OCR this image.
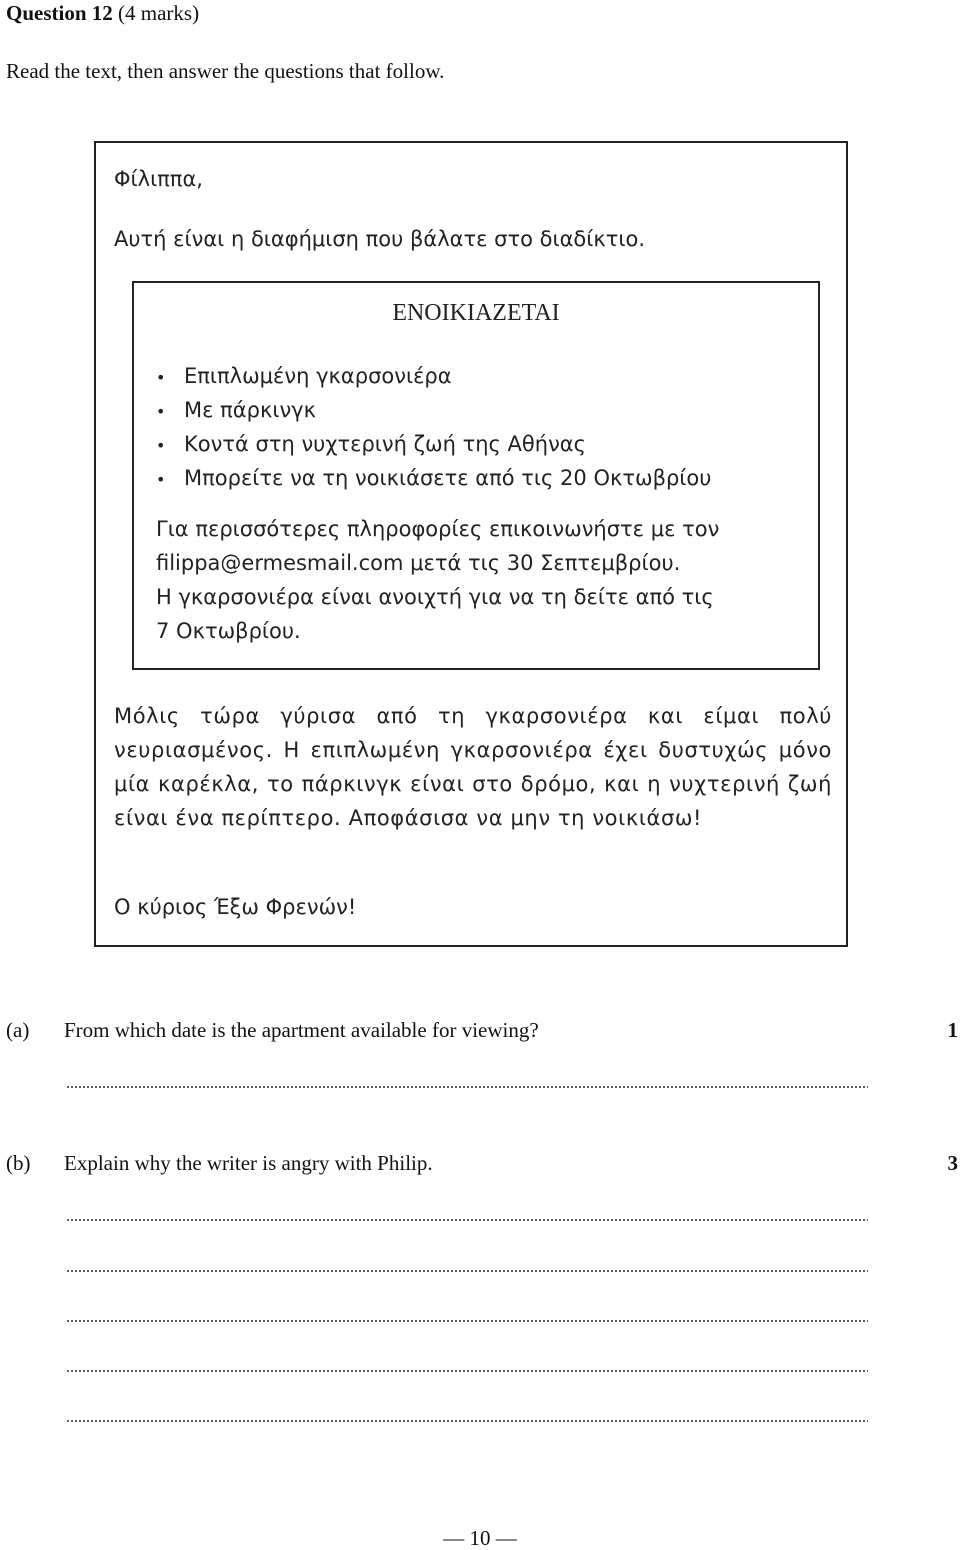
Question 12 (4 marks)
Read the text, then answer the questions that follow.
Φίλιππα,
Αυτή είναι η διαφήμιση που βάλατε στο διαδίκτιο.
ΕΝΟΙΚΙΑΖΕΤΑΙ
• Επιπλωμένη γκαρσονιέρα
• Με πάρκινγκ
• Κοντά στη νυχτερινή ζωή της Αθήνας
• Μπορείτε να τη νοικιάσετε από τις 20 Οκτωβρίου
Για περισσότερες πληροφορίες επικοινωνήστε με τον
filippa@ermesmail.com μετά τις 30 Σεπτεμβρίου.
Η γκαρσονιέρα είναι ανοιχτή για να τη δείτε από τις
7 Οκτωβρίου.
Μόλις τώρα γύρισα από τη γκαρσονιέρα και είμαι πολύ νευριασμένος. Η επιπλωμένη γκαρσονιέρα έχει δυστυχώς μόνο μία καρέκλα, το πάρκινγκ είναι στο δρόμο, και η νυχτερινή ζωή είναι ένα περίπτερο. Αποφάσισα να μην τη νοικιάσω!
Ο κύριος Έξω Φρενών!
(a) From which date is the apartment available for viewing?	1
(b) Explain why the writer is angry with Philip.	3
— 10 —
